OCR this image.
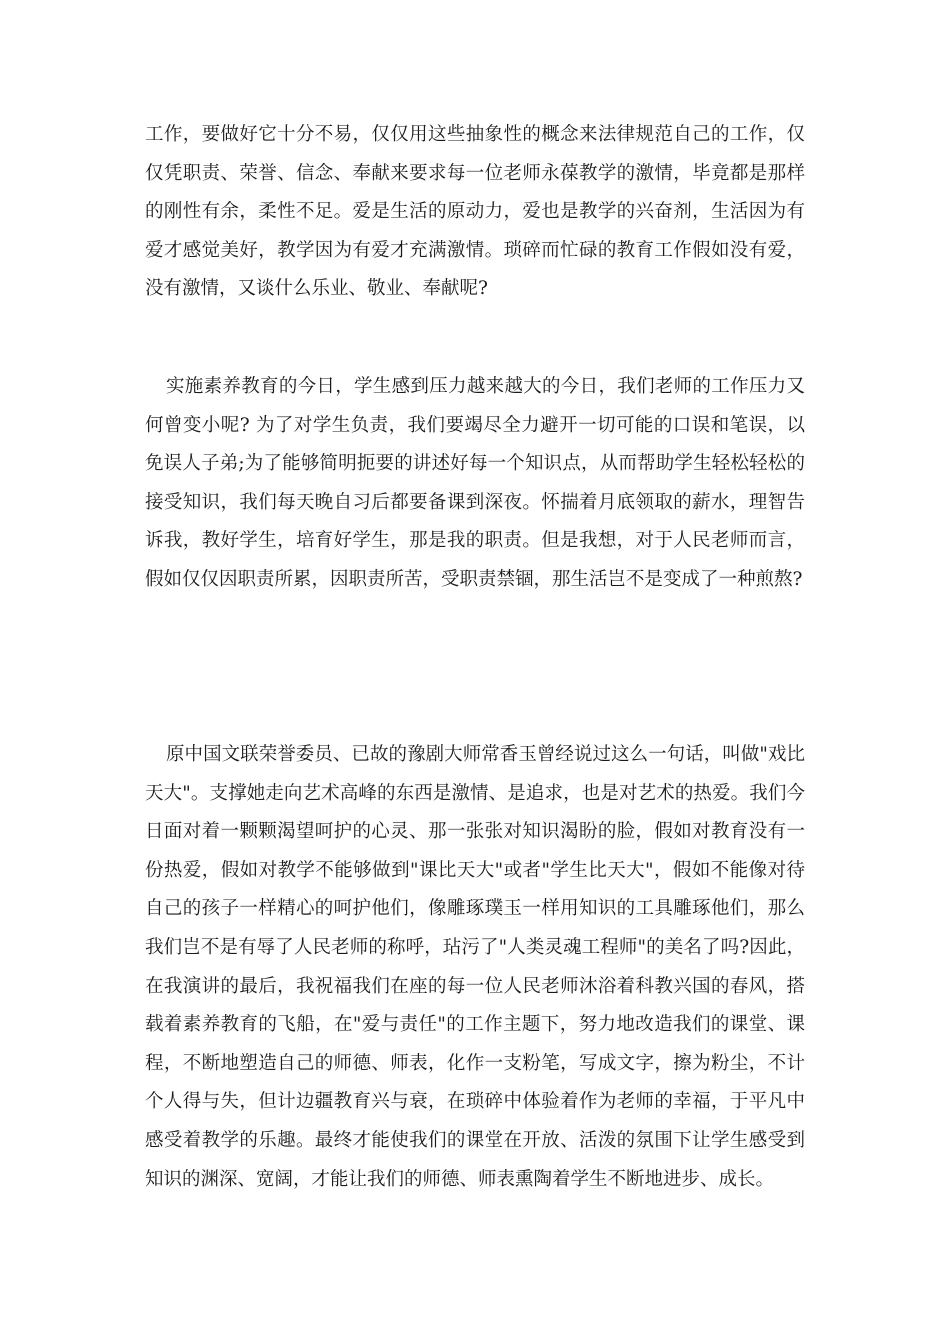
工作，要做好它十分不易，仅仅用这些抽象性的概念来法律规范自己的工作，仅仅凭职责、荣誉、信念、奉献来要求每一位老师永葆教学的激情，毕竟都是那样的刚性有余，柔性不足。爱是生活的原动力，爱也是教学的兴奋剂，生活因为有爱才感觉美好，教学因为有爱才充满激情。琐碎而忙碌的教育工作假如没有爱，没有激情，又谈什么乐业、敬业、奉献呢?

实施素养教育的今日，学生感到压力越来越大的今日，我们老师的工作压力又何曾变小呢? 为了对学生负责，我们要竭尽全力避开一切可能的口误和笔误，以免误人子弟;为了能够简明扼要的讲述好每一个知识点，从而帮助学生轻松轻松的接受知识，我们每天晚自习后都要备课到深夜。怀揣着月底领取的薪水，理智告诉我，教好学生，培育好学生，那是我的职责。但是我想，对于人民老师而言，假如仅仅因职责所累，因职责所苦，受职责禁锢，那生活岂不是变成了一种煎熬?

原中国文联荣誉委员、已故的豫剧大师常香玉曾经说过这么一句话，叫做"戏比天大"。支撑她走向艺术高峰的东西是激情、是追求，也是对艺术的热爱。我们今日面对着一颗颗渴望呵护的心灵、那一张张对知识渴盼的脸，假如对教育没有一份热爱，假如对教学不能够做到"课比天大"或者"学生比天大"，假如不能像对待自己的孩子一样精心的呵护他们，像雕琢璞玉一样用知识的工具雕琢他们，那么我们岂不是有辱了人民老师的称呼，玷污了"人类灵魂工程师"的美名了吗?因此，在我演讲的最后，我祝福我们在座的每一位人民老师沐浴着科教兴国的春风，搭载着素养教育的飞船，在"爱与责任"的工作主题下，努力地改造我们的课堂、课程，不断地塑造自己的师德、师表，化作一支粉笔，写成文字，擦为粉尘，不计个人得与失，但计边疆教育兴与衰，在琐碎中体验着作为老师的幸福，于平凡中感受着教学的乐趣。最终才能使我们的课堂在开放、活泼的氛围下让学生感受到知识的渊深、宽阔，才能让我们的师德、师表熏陶着学生不断地进步、成长。
